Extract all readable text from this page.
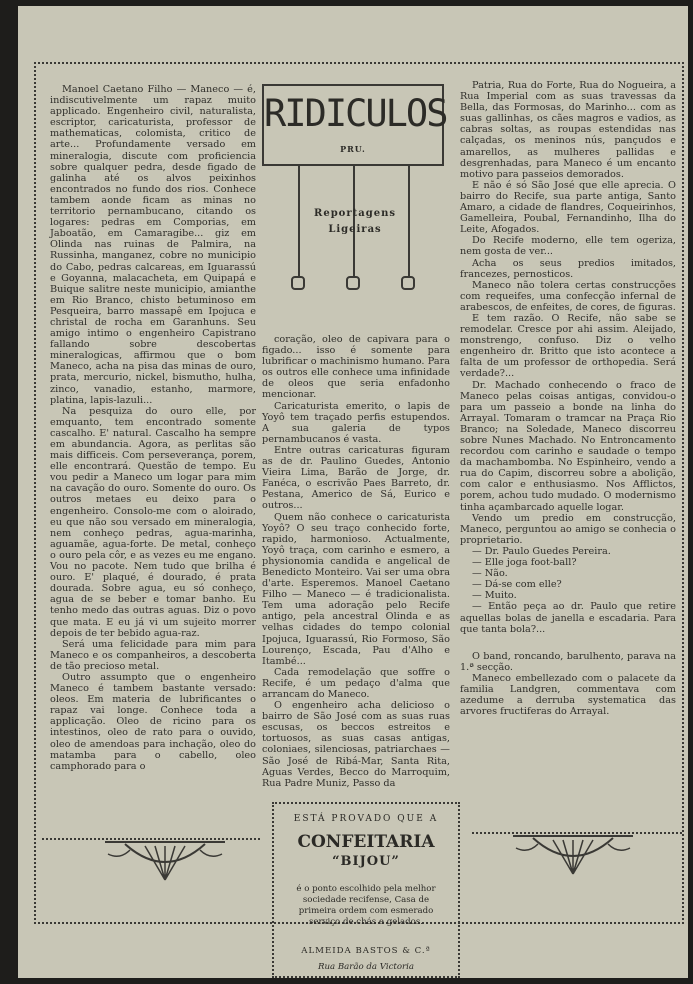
RIDICULOS
PRU.
Reportagens
Ligeiras

Manoel Caetano Filho — Maneco — é, indiscutivelmente um rapaz muito applicado. Engenheiro civil, naturalista, escriptor, caricaturista, professor de mathematicas, colomista, critico de arte... Profundamente versado em mineralogia, discute com proficiencia sobre qualquer pedra, desde figado de galinha até os alvos peixinhos encontrados no fundo dos rios. Conhece tambem aonde ficam as minas no territorio pernambucano, citando os logares: pedras em Comporias, em Jaboatão, em Camaragibe... giz em Olinda nas ruinas de Palmira, na Russinha, manganez, cobre no municipio do Cabo, pedras calcareas, em Iguarassú e Goyanna, malacacheta, em Quipapá e Buique salitre neste municipio, amianthe em Rio Branco, chisto betuminoso em Pesqueira, barro massapê em Ipojuca e christal de rocha em Garanhuns. Seu amigo intimo o engenheiro Capistrano fallando sobre descobertas mineralogicas, affirmou que o bom Maneco, acha na pisa das minas de ouro, prata, mercurio, nickel, bismutho, hulha, zinco, vanadio, estanho, marmore, platina, lapis-lazuli...

Na pesquiza do ouro elle, por emquanto, tem encontrado somente cascalho. E' natural. Cascalho ha sempre em abundancia. Agora, as perlitas são mais difficeis. Com perseverança, porem, elle encontrará. Questão de tempo. Eu vou pedir a Maneco um logar para mim na cavação do ouro. Somente do ouro. Os outros metaes eu deixo para o engenheiro. Consolo-me com o aloirado, eu que não sou versado em mineralogia, nem conheço pedras, agua-marinha, aguamãe, agua-forte. De metal, conheço o ouro pela côr, e as vezes eu me engano. Vou no pacote. Nem tudo que brilha é ouro. E' plaqué, é dourado, é prata dourada. Sobre agua, eu só conheço, agua de se beber e tomar banho. Eu tenho medo das outras aguas. Diz o povo que mata. E eu já vi um sujeito morrer depois de ter bebido agua-raz.

Será uma felicidade para mim para Maneco e os companheiros, a descoberta de tão precioso metal.

Outro assumpto que o engenheiro Maneco é tambem bastante versado: oleos. Em materia de lubrificantes o rapaz vai longe. Conhece toda a applicação. Oleo de ricino para os intestinos, oleo de rato para o ouvido, oleo de amendoas para inchação, oleo do matamba para o cabello, oleo camphorado para o

coração, oleo de capivara para o figado... isso é somente para lubrificar o machinismo humano. Para os outros elle conhece uma infinidade de oleos que seria enfadonho mencionar.

Caricaturista emerito, o lapis de Yoyô tem traçado perfis estupendos. A sua galeria de typos pernambucanos é vasta.

Entre outras caricaturas figuram as de dr. Paulino Guedes, Antonio Vieira Lima, Barão de Jorge, dr. Fanéca, o escrivão Paes Barreto, dr. Pestana, Americo de Sá, Eurico e outros...

Quem não conhece o caricaturista Yoyô? O seu traço conhecido forte, rapido, harmonioso. Actualmente, Yoyô traça, com carinho e esmero, a physionomia candida e angelical de Benedicto Monteiro. Vai ser uma obra d'arte. Esperemos. Manoel Caetano Filho — Maneco — é tradicionalista. Tem uma adoração pelo Recife antigo, pela ancestral Olinda e as velhas cidades do tempo colonial Ipojuca, Iguarassú, Rio Formoso, São Lourenço, Escada, Pau d'Alho e Itambé...

Cada remodelação que soffre o Recife, é um pedaço d'alma que arrancam do Maneco.

O engenheiro acha delicioso o bairro de São José com as suas ruas escusas, os beccos estreitos e tortuosos, as suas casas antigas, coloniaes, silenciosas, patriarchaes — São José de Ribá-Mar, Santa Rita, Aguas Verdes, Becco do Marroquim, Rua Padre Muniz, Passo da

Patria, Rua do Forte, Rua do Nogueira, a Rua Imperial com as suas travessas da Bella, das Formosas, do Marinho... com as suas gallinhas, os cães magros e vadios, as cabras soltas, as roupas estendidas nas calçadas, os meninos nús, pançudos e amarellos, as mulheres pallidas e desgrenhadas, para Maneco é um encanto motivo para passeios demorados.

E não é só São José que elle aprecia. O bairro do Recife, sua parte antiga, Santo Amaro, a cidade de flandres, Coqueirinhos, Gamelleira, Poubal, Fernandinho, Ilha do Leite, Afogados.

Do Recife moderno, elle tem ogeriza, nem gosta de ver...

Acha os seus predios imitados, francezes, pernosticos.

Maneco não tolera certas construcções com requeifes, uma confecção infernal de arabescos, de enfeites, de cores, de figuras.

E tem razão. O Recife, não sabe se remodelar. Cresce por ahi assim. Aleijado, monstrengo, confuso. Diz o velho engenheiro dr. Britto que isto acontece a falta de um professor de orthopedia. Será verdade?...

Dr. Machado conhecendo o fraco de Maneco pelas coisas antigas, convidou-o para um passeio a bonde na linha do Arrayal. Tomaram o tramcar na Praça Rio Branco; na Soledade, Maneco discorreu sobre Nunes Machado. No Entroncamento recordou com carinho e saudade o tempo da machambomba. No Espinheiro, vendo a rua do Capim, discorreu sobre a abolição, com calor e enthusiasmo. Nos Afflictos, porem, achou tudo mudado. O modernismo tinha açambarcado aquelle logar.

Vendo um predio em construcção, Maneco, perguntou ao amigo se conhecia o proprietario.

— Dr. Paulo Guedes Pereira.

— Elle joga foot-ball?

— Não.

— Dá-se com elle?

— Muito.

— Então peça ao dr. Paulo que retire aquellas bolas de janella e escadaria. Para que tanta bola?...

O band, roncando, barulhento, parava na 1.ª secção.

Maneco embellezado com o palacete da familia Landgren, commentava com azedume a derruba systematica das arvores fructiferas do Arrayal.

ESTÁ PROVADO QUE A
CONFEITARIA
“BIJOU”
é o ponto escolhido pela melhor sociedade recifense, Casa de primeira ordem com esmerado serviço de chás e gelados.
ALMEIDA BASTOS & C.ª
Rua Barão da Victoria
